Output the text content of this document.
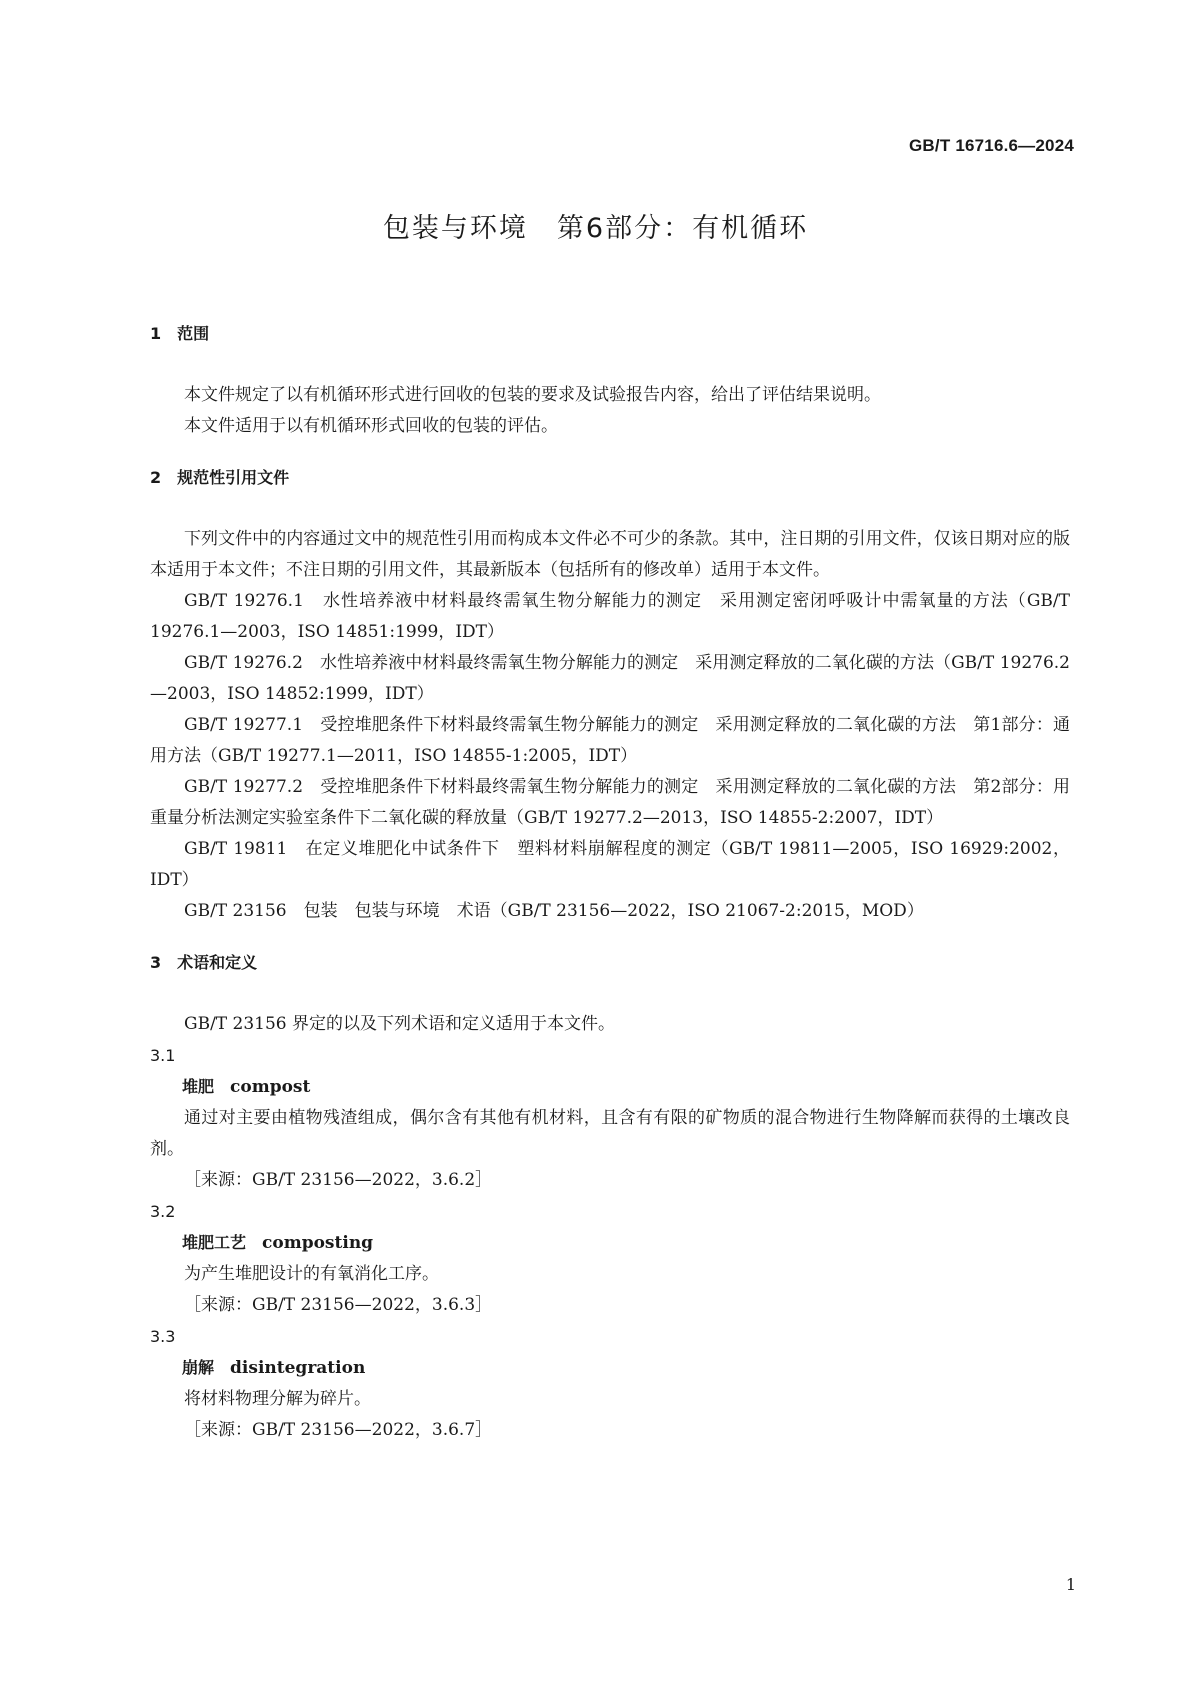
GB/T 16716.6—2024
包装与环境　第6部分：有机循环
1　范围

本文件规定了以有机循环形式进行回收的包装的要求及试验报告内容，给出了评估结果说明。

本文件适用于以有机循环形式回收的包装的评估。

2　规范性引用文件

下列文件中的内容通过文中的规范性引用而构成本文件必不可少的条款。其中，注日期的引用文件，仅该日期对应的版本适用于本文件；不注日期的引用文件，其最新版本（包括所有的修改单）适用于本文件。

GB/T 19276.1　水性培养液中材料最终需氧生物分解能力的测定　采用测定密闭呼吸计中需氧量的方法（GB/T 19276.1—2003，ISO 14851:1999，IDT）

GB/T 19276.2　水性培养液中材料最终需氧生物分解能力的测定　采用测定释放的二氧化碳的方法（GB/T 19276.2—2003，ISO 14852:1999，IDT）

GB/T 19277.1　受控堆肥条件下材料最终需氧生物分解能力的测定　采用测定释放的二氧化碳的方法　第1部分：通用方法（GB/T 19277.1—2011，ISO 14855-1:2005，IDT）

GB/T 19277.2　受控堆肥条件下材料最终需氧生物分解能力的测定　采用测定释放的二氧化碳的方法　第2部分：用重量分析法测定实验室条件下二氧化碳的释放量（GB/T 19277.2—2013，ISO 14855-2:2007，IDT）

GB/T 19811　在定义堆肥化中试条件下　塑料材料崩解程度的测定（GB/T 19811—2005，ISO 16929:2002，IDT）

GB/T 23156　包装　包装与环境　术语（GB/T 23156—2022，ISO 21067-2:2015，MOD）

3　术语和定义

GB/T 23156 界定的以及下列术语和定义适用于本文件。

3.1
堆肥　 compost

通过对主要由植物残渣组成，偶尔含有其他有机材料，且含有有限的矿物质的混合物进行生物降解而获得的土壤改良剂。

［来源：GB/T 23156—2022，3.6.2］

3.2
堆肥工艺　 composting

为产生堆肥设计的有氧消化工序。

［来源：GB/T 23156—2022，3.6.3］

3.3
崩解　 disintegration

将材料物理分解为碎片。

［来源：GB/T 23156—2022，3.6.7］

1
